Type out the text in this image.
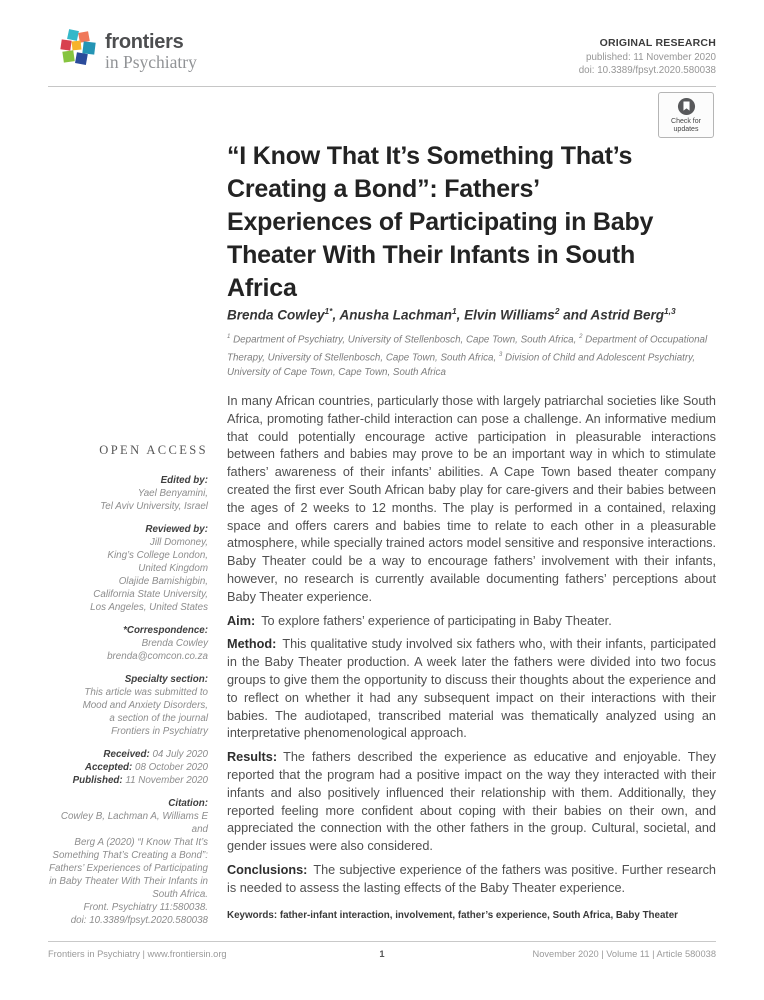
frontiers
in Psychiatry
ORIGINAL RESEARCH
published: 11 November 2020
doi: 10.3389/fpsyt.2020.580038
Check for
updates
“I Know That It’s Something That’s
Creating a Bond”: Fathers’
Experiences of Participating in Baby
Theater With Their Infants in South
Africa

Brenda Cowley$^{1*}$, Anusha Lachman$^1$, Elvin Williams$^2$ and Astrid Berg$^{1,3}$

$^1$ Department of Psychiatry, University of Stellenbosch, Cape Town, South Africa, $^2$ Department of Occupational Therapy, University of Stellenbosch, Cape Town, South Africa, $^3$ Division of Child and Adolescent Psychiatry, University of Cape Town, Cape Town, South Africa

OPEN ACCESS
Edited by:
Yael Benyamini,
Tel Aviv University, Israel
Reviewed by:
Jill Domoney,
King’s College London,
United Kingdom
Olajide Bamishigbin,
California State University,
Los Angeles, United States
*Correspondence:
Brenda Cowley
brenda@comcon.co.za
Specialty section:
This article was submitted to
Mood and Anxiety Disorders,
a section of the journal
Frontiers in Psychiatry
Received: 04 July 2020
Accepted: 08 October 2020
Published: 11 November 2020
Citation:
Cowley B, Lachman A, Williams E and
Berg A (2020) “I Know That It’s
Something That’s Creating a Bond”:
Fathers’ Experiences of Participating
in Baby Theater With Their Infants in
South Africa.
Front. Psychiatry 11:580038.
doi: 10.3389/fpsyt.2020.580038

In many African countries, particularly those with largely patriarchal societies like South Africa, promoting father-child interaction can pose a challenge. An informative medium that could potentially encourage active participation in pleasurable interactions between fathers and babies may prove to be an important way in which to stimulate fathers’ awareness of their infants’ abilities. A Cape Town based theater company created the first ever South African baby play for care-givers and their babies between the ages of 2 weeks to 12 months. The play is performed in a contained, relaxing space and offers carers and babies time to relate to each other in a pleasurable atmosphere, while specially trained actors model sensitive and responsive interactions. Baby Theater could be a way to encourage fathers’ involvement with their infants, however, no research is currently available documenting fathers’ perceptions about Baby Theater experience.

Aim: To explore fathers’ experience of participating in Baby Theater.

Method: This qualitative study involved six fathers who, with their infants, participated in the Baby Theater production. A week later the fathers were divided into two focus groups to give them the opportunity to discuss their thoughts about the experience and to reflect on whether it had any subsequent impact on their interactions with their babies. The audiotaped, transcribed material was thematically analyzed using an interpretative phenomenological approach.

Results: The fathers described the experience as educative and enjoyable. They reported that the program had a positive impact on the way they interacted with their infants and also positively influenced their relationship with them. Additionally, they reported feeling more confident about coping with their babies on their own, and appreciated the connection with the other fathers in the group. Cultural, societal, and gender issues were also considered.

Conclusions: The subjective experience of the fathers was positive. Further research is needed to assess the lasting effects of the Baby Theater experience.

Keywords: father-infant interaction, involvement, father’s experience, South Africa, Baby Theater

Frontiers in Psychiatry | www.frontiersin.org	1	November 2020 | Volume 11 | Article 580038
